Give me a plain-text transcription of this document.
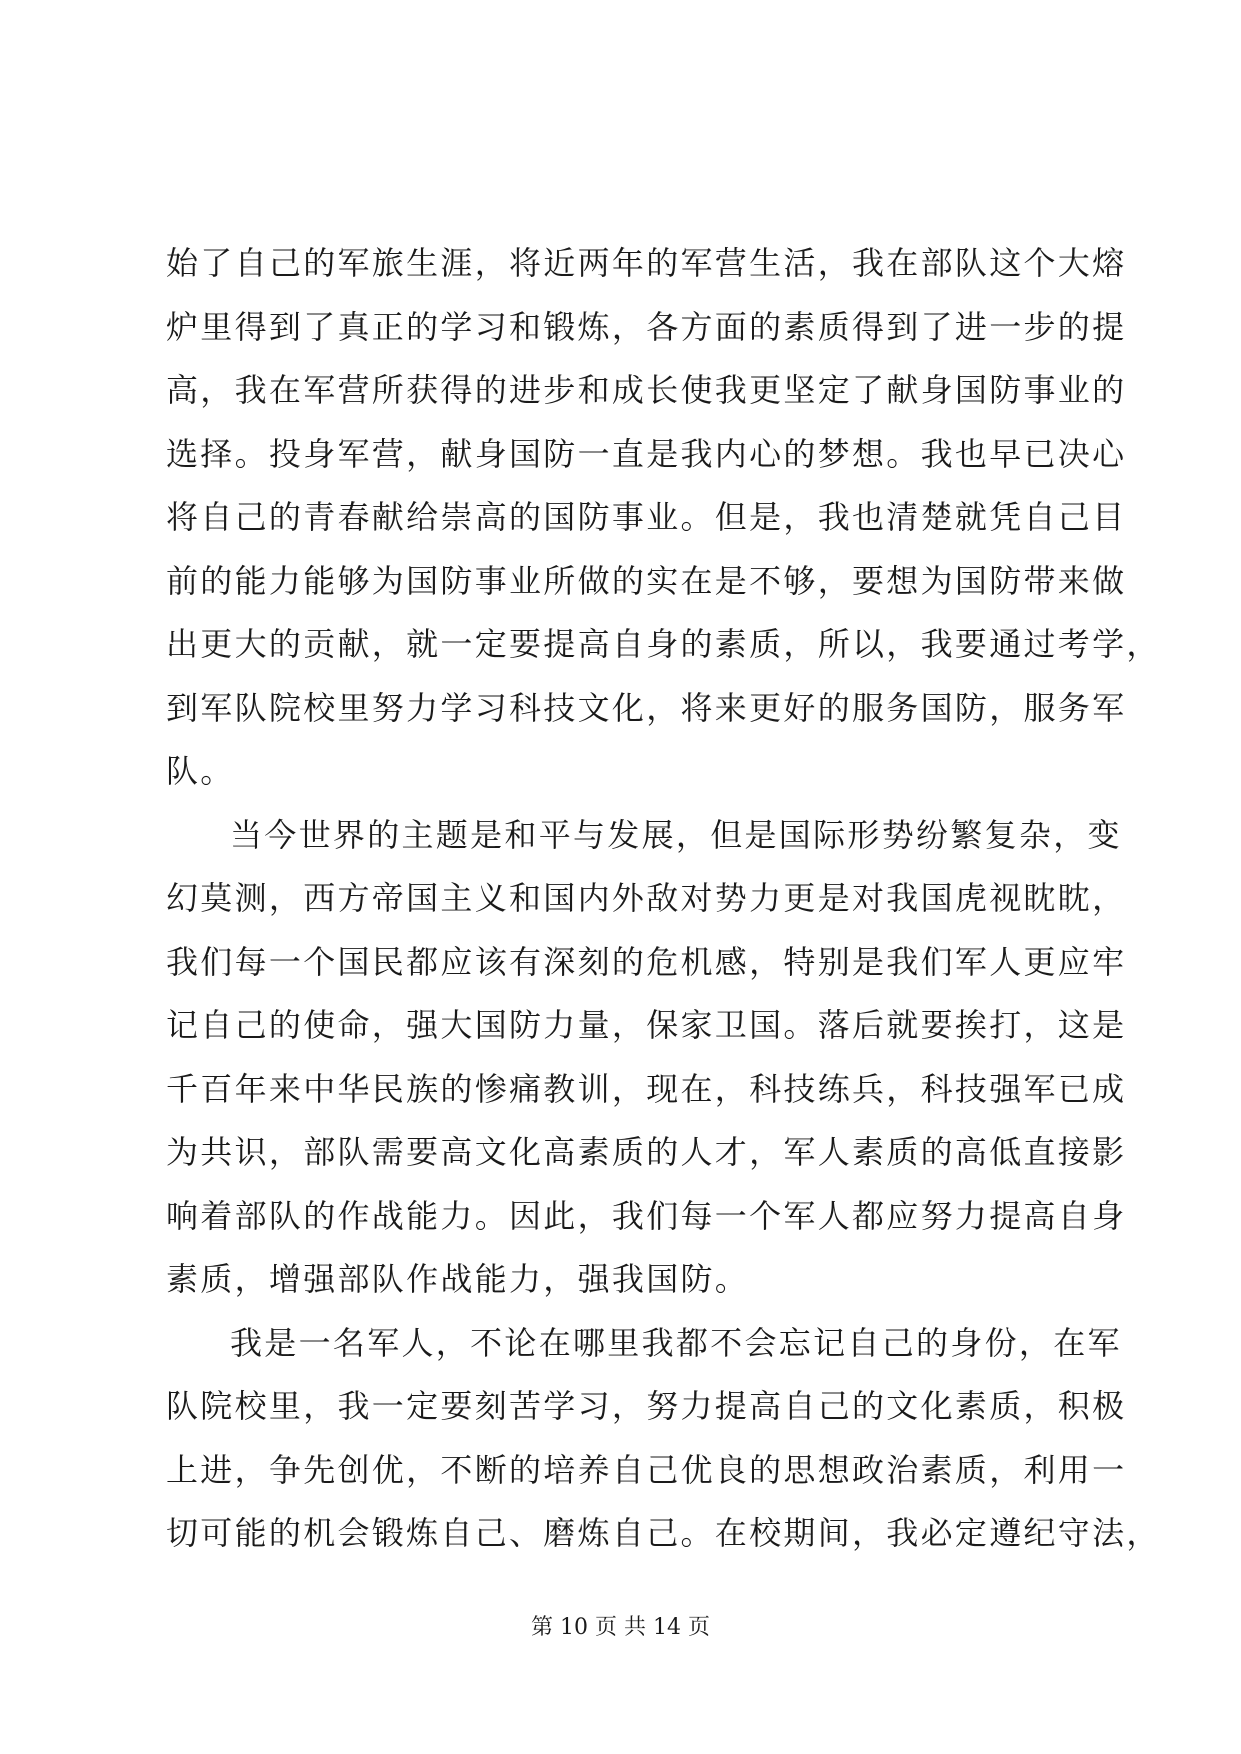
始了自己的军旅生涯，将近两年的军营生活，我在部队这个大熔
炉里得到了真正的学习和锻炼，各方面的素质得到了进一步的提
高，我在军营所获得的进步和成长使我更坚定了献身国防事业的
选择。投身军营，献身国防一直是我内心的梦想。我也早已决心
将自己的青春献给崇高的国防事业。但是，我也清楚就凭自己目
前的能力能够为国防事业所做的实在是不够，要想为国防带来做
出更大的贡献，就一定要提高自身的素质，所以，我要通过考学，
到军队院校里努力学习科技文化，将来更好的服务国防，服务军
队。
当今世界的主题是和平与发展，但是国际形势纷繁复杂，变
幻莫测，西方帝国主义和国内外敌对势力更是对我国虎视眈眈，
我们每一个国民都应该有深刻的危机感，特别是我们军人更应牢
记自己的使命，强大国防力量，保家卫国。落后就要挨打，这是
千百年来中华民族的惨痛教训，现在，科技练兵，科技强军已成
为共识，部队需要高文化高素质的人才，军人素质的高低直接影
响着部队的作战能力。因此，我们每一个军人都应努力提高自身
素质，增强部队作战能力，强我国防。
我是一名军人，不论在哪里我都不会忘记自己的身份，在军
队院校里，我一定要刻苦学习，努力提高自己的文化素质，积极
上进，争先创优，不断的培养自己优良的思想政治素质，利用一
切可能的机会锻炼自己、磨炼自己。在校期间，我必定遵纪守法，
第 10 页 共 14 页
